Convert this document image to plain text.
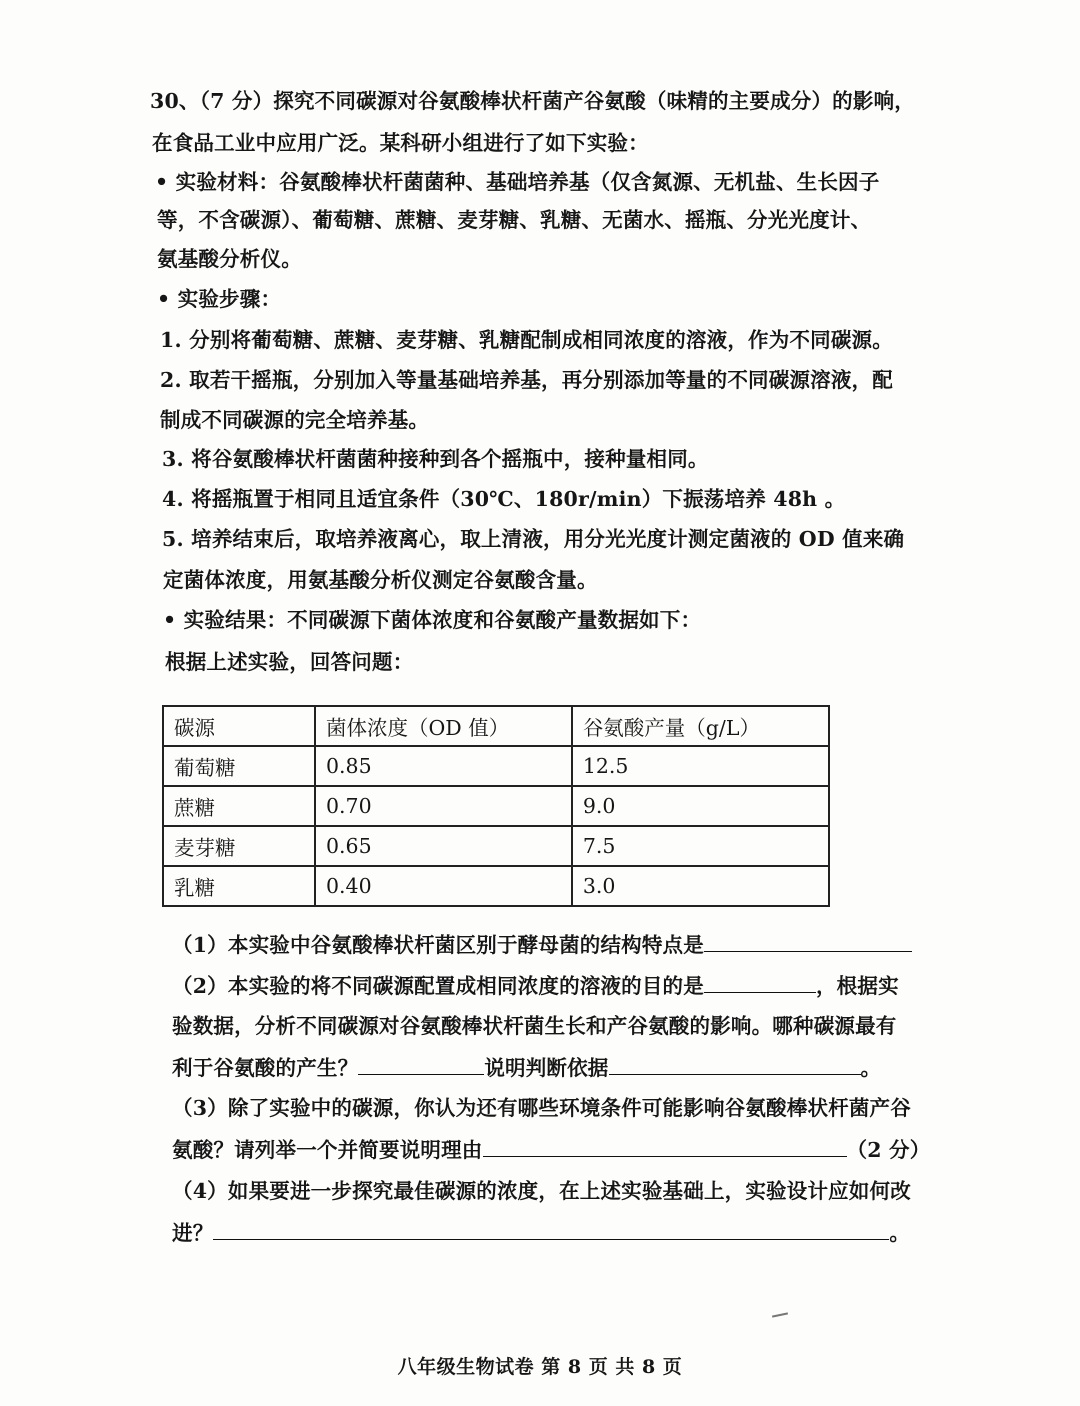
30、（7 分）探究不同碳源对谷氨酸棒状杆菌产谷氨酸（味精的主要成分）的影响，
在食品工业中应用广泛。某科研小组进行了如下实验：
• 实验材料：谷氨酸棒状杆菌菌种、基础培养基（仅含氮源、无机盐、生长因子
等，不含碳源）、葡萄糖、蔗糖、麦芽糖、乳糖、无菌水、摇瓶、分光光度计、
氨基酸分析仪。
• 实验步骤：
1. 分别将葡萄糖、蔗糖、麦芽糖、乳糖配制成相同浓度的溶液，作为不同碳源。
2. 取若干摇瓶，分别加入等量基础培养基，再分别添加等量的不同碳源溶液，配
制成不同碳源的完全培养基。
3. 将谷氨酸棒状杆菌菌种接种到各个摇瓶中，接种量相同。
4. 将摇瓶置于相同且适宜条件（30℃、180r/min）下振荡培养 48h 。
5. 培养结束后，取培养液离心，取上清液，用分光光度计测定菌液的 OD 值来确
定菌体浓度，用氨基酸分析仪测定谷氨酸含量。
• 实验结果：不同碳源下菌体浓度和谷氨酸产量数据如下：
根据上述实验，回答问题：
碳源	菌体浓度（OD 值）	谷氨酸产量（g/L）
葡萄糖	0.85	12.5
蔗糖	0.70	9.0
麦芽糖	0.65	7.5
乳糖	0.40	3.0
（1）本实验中谷氨酸棒状杆菌区别于酵母菌的结构特点是
（2）本实验的将不同碳源配置成相同浓度的溶液的目的是	，根据实
验数据，分析不同碳源对谷氨酸棒状杆菌生长和产谷氨酸的影响。哪种碳源最有
利于谷氨酸的产生？	说明判断依据	。
（3）除了实验中的碳源，你认为还有哪些环境条件可能影响谷氨酸棒状杆菌产谷
氨酸？请列举一个并简要说明理由	（2 分）
（4）如果要进一步探究最佳碳源的浓度，在上述实验基础上，实验设计应如何改
进？	。
八年级生物试卷 第 8 页 共 8 页
